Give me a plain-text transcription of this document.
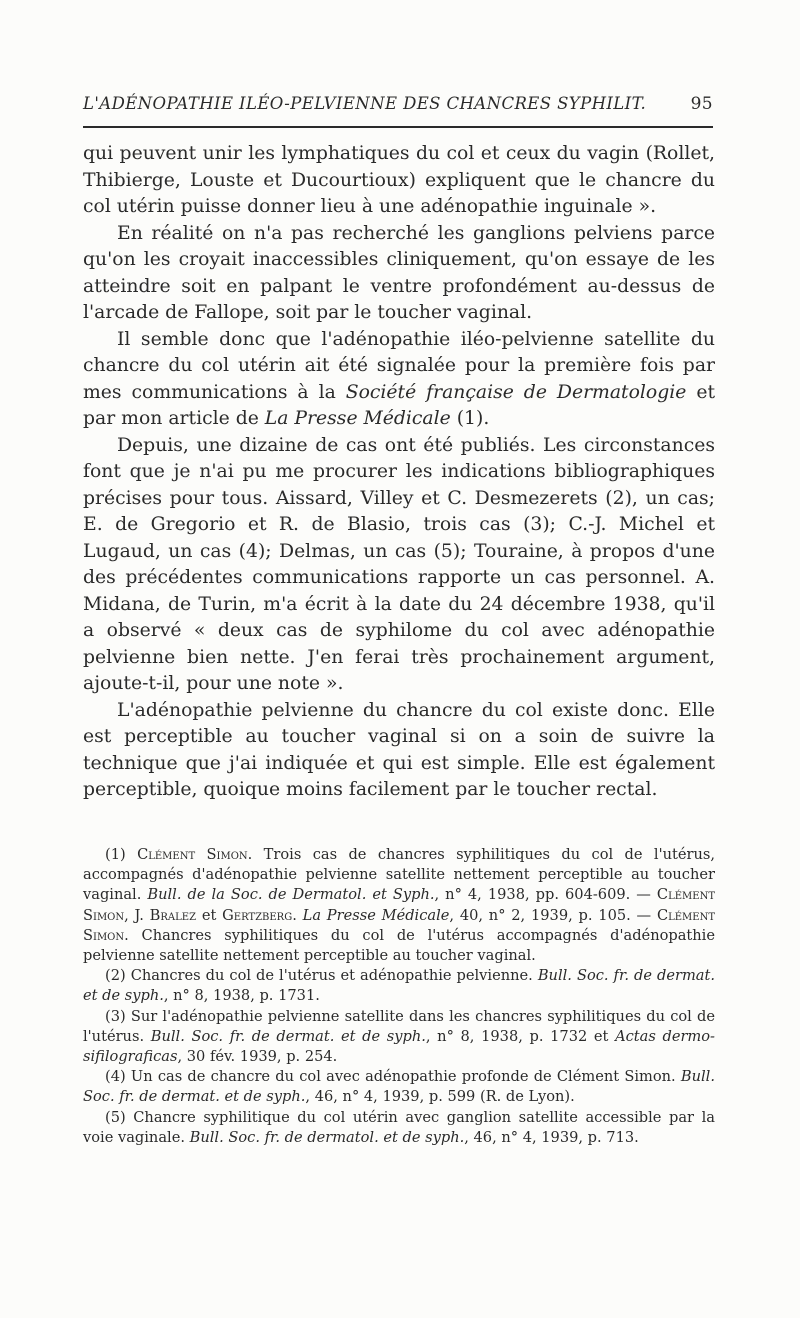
L'ADÉNOPATHIE ILÉO-PELVIENNE DES CHANCRES SYPHILIT.	95

qui peuvent unir les lymphatiques du col et ceux du vagin (Rollet, Thibierge, Louste et Ducourtioux) expliquent que le chancre du col utérin puisse donner lieu à une adénopathie inguinale ».

En réalité on n'a pas recherché les ganglions pelviens parce qu'on les croyait inaccessibles cliniquement, qu'on essaye de les atteindre soit en palpant le ventre profondément au-dessus de l'arcade de Fallope, soit par le toucher vaginal.

Il semble donc que l'adénopathie iléo-pelvienne satellite du chancre du col utérin ait été signalée pour la première fois par mes communications à la Société française de Dermatologie et par mon article de La Presse Médicale (1).

Depuis, une dizaine de cas ont été publiés. Les circonstances font que je n'ai pu me procurer les indications bibliographiques précises pour tous. Aissard, Villey et C. Desmezerets (2), un cas; E. de Gregorio et R. de Blasio, trois cas (3); C.-J. Michel et Lugaud, un cas (4); Delmas, un cas (5); Touraine, à propos d'une des précédentes communications rapporte un cas personnel. A. Midana, de Turin, m'a écrit à la date du 24 décembre 1938, qu'il a observé « deux cas de syphilome du col avec adénopathie pelvienne bien nette. J'en ferai très prochainement argument, ajoute-t-il, pour une note ».

L'adénopathie pelvienne du chancre du col existe donc. Elle est perceptible au toucher vaginal si on a soin de suivre la technique que j'ai indiquée et qui est simple. Elle est également perceptible, quoique moins facilement par le toucher rectal.

(1) Clément Simon. Trois cas de chancres syphilitiques du col de l'utérus, accompagnés d'adénopathie pelvienne satellite nettement perceptible au toucher vaginal. Bull. de la Soc. de Dermatol. et Syph., n° 4, 1938, pp. 604-609. — Clément Simon, J. Bralez et Gertzberg. La Presse Médicale, 40, n° 2, 1939, p. 105. — Clément Simon. Chancres syphilitiques du col de l'utérus accompagnés d'adénopathie pelvienne satellite nettement perceptible au toucher vaginal.

(2) Chancres du col de l'utérus et adénopathie pelvienne. Bull. Soc. fr. de dermat. et de syph., n° 8, 1938, p. 1731.

(3) Sur l'adénopathie pelvienne satellite dans les chancres syphilitiques du col de l'utérus. Bull. Soc. fr. de dermat. et de syph., n° 8, 1938, p. 1732 et Actas dermo-sifilograficas, 30 fév. 1939, p. 254.

(4) Un cas de chancre du col avec adénopathie profonde de Clément Simon. Bull. Soc. fr. de dermat. et de syph., 46, n° 4, 1939, p. 599 (R. de Lyon).

(5) Chancre syphilitique du col utérin avec ganglion satellite accessible par la voie vaginale. Bull. Soc. fr. de dermatol. et de syph., 46, n° 4, 1939, p. 713.
